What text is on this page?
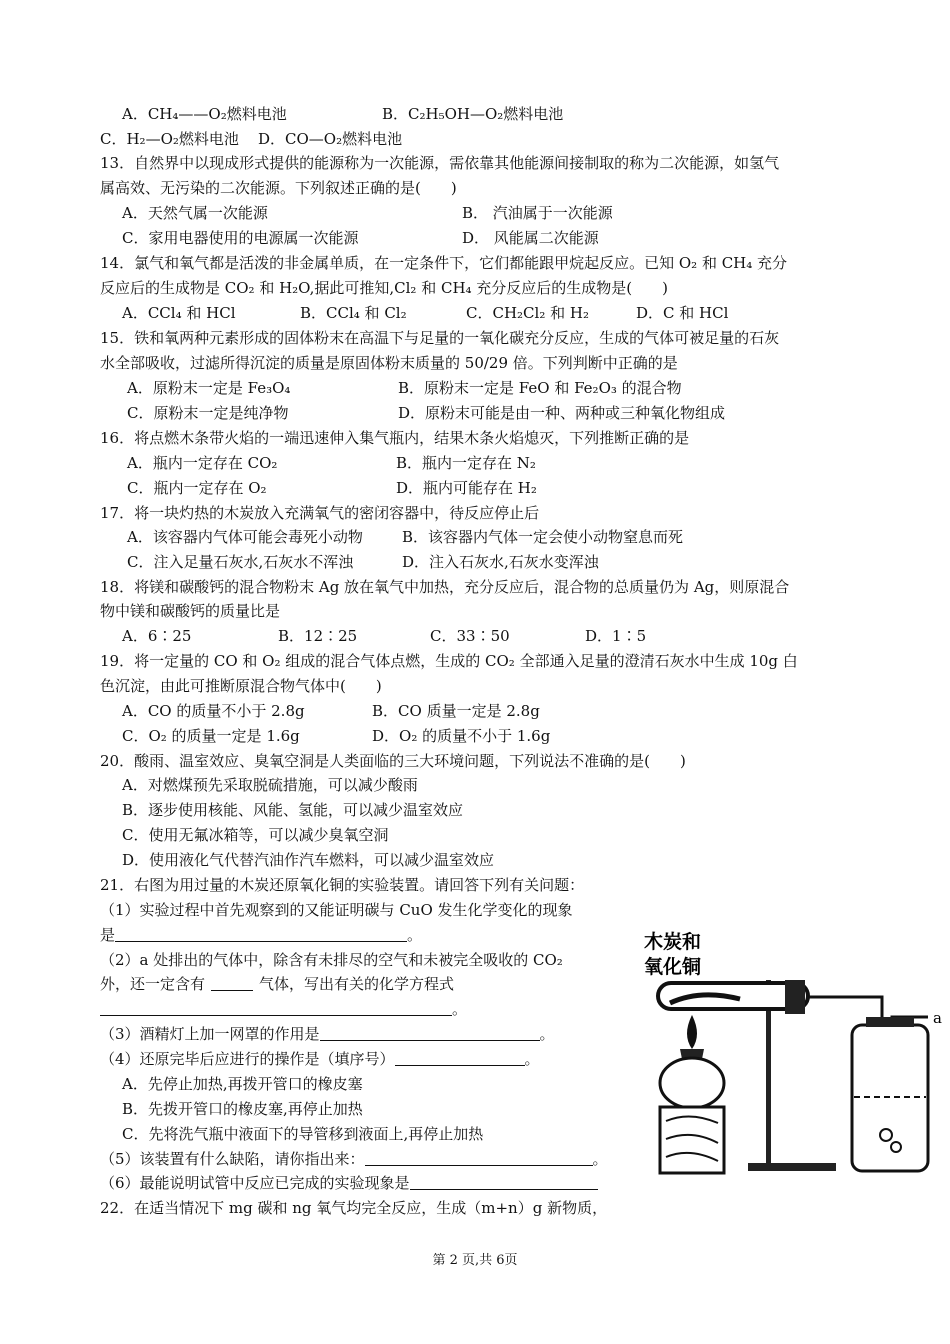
A．CH₄——O₂燃料电池	B．C₂H₅OH—O₂燃料电池
C．H₂—O₂燃料电池 D．CO—O₂燃料电池
13．自然界中以现成形式提供的能源称为一次能源，需依靠其他能源间接制取的称为二次能源，如氢气
属高效、无污染的二次能源。下列叙述正确的是(　　)
A．天然气属一次能源	B． 汽油属于一次能源
C．家用电器使用的电源属一次能源	D． 风能属二次能源
14．氯气和氧气都是活泼的非金属单质，在一定条件下，它们都能跟甲烷起反应。已知 O₂ 和 CH₄ 充分
反应后的生成物是 CO₂ 和 H₂O,据此可推知,Cl₂ 和 CH₄ 充分反应后的生成物是(　　)
A．CCl₄ 和 HCl	B．CCl₄ 和 Cl₂	C．CH₂Cl₂ 和 H₂	D．C 和 HCl
15．铁和氧两种元素形成的固体粉末在高温下与足量的一氧化碳充分反应，生成的气体可被足量的石灰
水全部吸收，过滤所得沉淀的质量是原固体粉末质量的 50/29 倍。下列判断中正确的是
A．原粉末一定是 Fe₃O₄	B．原粉末一定是 FeO 和 Fe₂O₃ 的混合物
C．原粉末一定是纯净物	D．原粉末可能是由一种、两种或三种氧化物组成
16．将点燃木条带火焰的一端迅速伸入集气瓶内，结果木条火焰熄灭，下列推断正确的是
A．瓶内一定存在 CO₂	B．瓶内一定存在 N₂
C．瓶内一定存在 O₂	D．瓶内可能存在 H₂
17．将一块灼热的木炭放入充满氧气的密闭容器中，待反应停止后
A．该容器内气体可能会毒死小动物	B．该容器内气体一定会使小动物窒息而死
C．注入足量石灰水,石灰水不浑浊	D．注入石灰水,石灰水变浑浊
18．将镁和碳酸钙的混合物粉末 Ag 放在氧气中加热，充分反应后，混合物的总质量仍为 Ag，则原混合
物中镁和碳酸钙的质量比是
A．6∶25	B．12∶25	C．33∶50	D．1∶5
19．将一定量的 CO 和 O₂ 组成的混合气体点燃，生成的 CO₂ 全部通入足量的澄清石灰水中生成 10g 白
色沉淀，由此可推断原混合物气体中(　　)
A．CO 的质量不小于 2.8g	B．CO 质量一定是 2.8g
C．O₂ 的质量一定是 1.6g	D．O₂ 的质量不小于 1.6g
20．酸雨、温室效应、臭氧空洞是人类面临的三大环境问题，下列说法不准确的是(　　)
A．对燃煤预先采取脱硫措施，可以减少酸雨
B．逐步使用核能、风能、氢能，可以减少温室效应
C．使用无氟冰箱等，可以减少臭氧空洞
D．使用液化气代替汽油作汽车燃料，可以减少温室效应
21．右图为用过量的木炭还原氧化铜的实验装置。请回答下列有关问题：
（1）实验过程中首先观察到的又能证明碳与 CuO 发生化学变化的现象
是	。
（2）a 处排出的气体中，除含有未排尽的空气和未被完全吸收的 CO₂
外，还一定含有	气体，写出有关的化学方程式
。
（3）酒精灯上加一网罩的作用是	。
（4）还原完毕后应进行的操作是（填序号）	。
A．先停止加热,再拨开管口的橡皮塞
B．先拨开管口的橡皮塞,再停止加热
C．先将洗气瓶中液面下的导管移到液面上,再停止加热
（5）该装置有什么缺陷，请你指出来：	。
（6）最能说明试管中反应已完成的实验现象是
22．在适当情况下 mg 碳和 ng 氧气均完全反应，生成（m+n）g 新物质，
木炭和
氧化铜
a
第 2 页,共 6页
